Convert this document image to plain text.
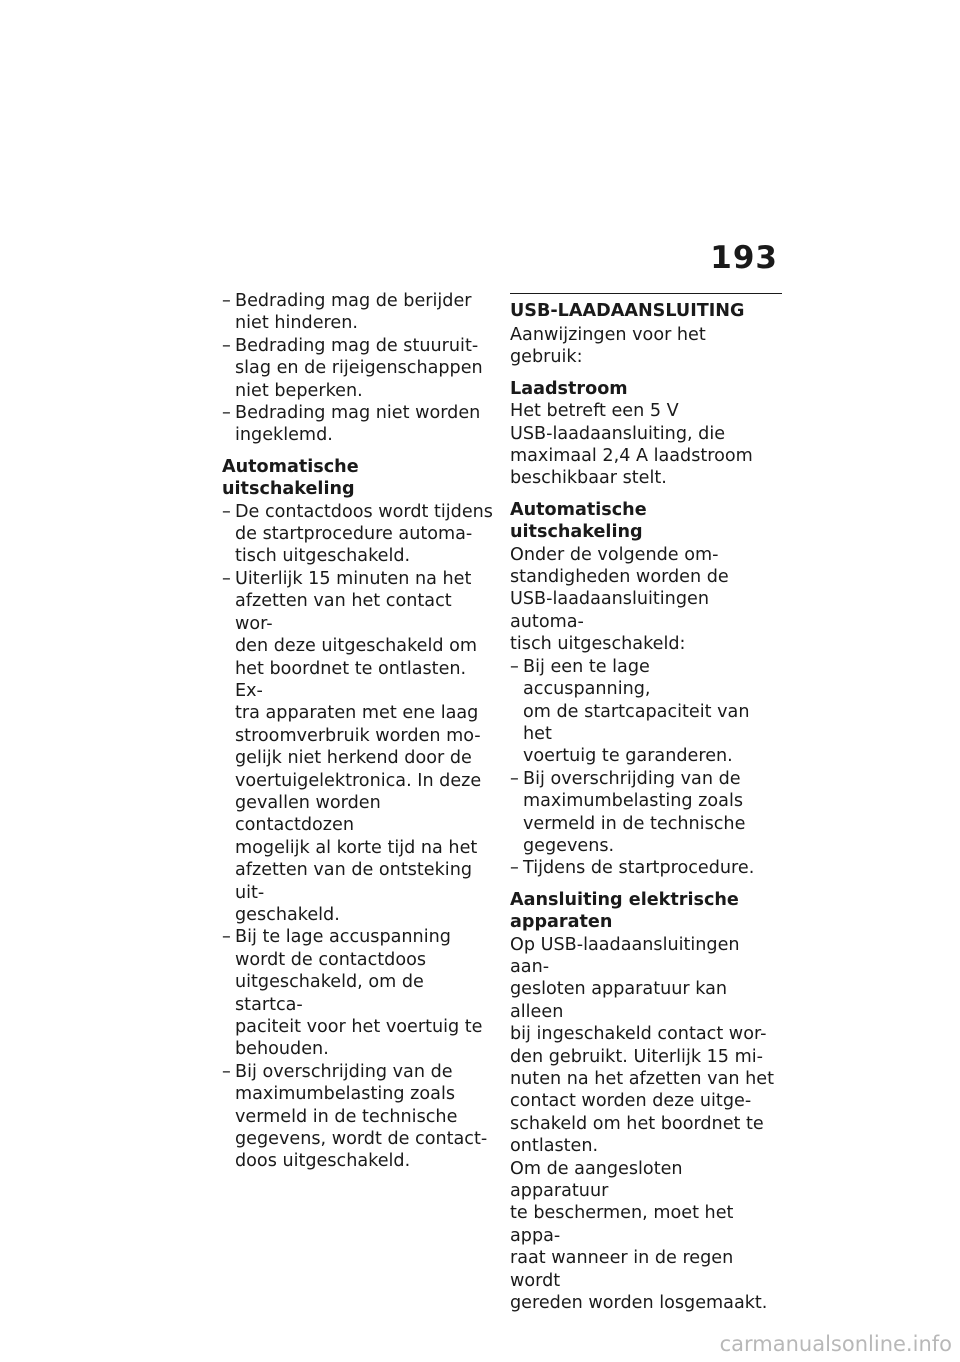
193
– Bedrading mag de berijder
niet hinderen.
– Bedrading mag de stuuruit-
slag en de rijeigenschappen
niet beperken.
– Bedrading mag niet worden
ingeklemd.
Automatische uitschakeling
– De contactdoos wordt tijdens
de startprocedure automa-
tisch uitgeschakeld.
– Uiterlijk 15 minuten na het
afzetten van het contact wor-
den deze uitgeschakeld om
het boordnet te ontlasten. Ex-
tra apparaten met ene laag
stroomverbruik worden mo-
gelijk niet herkend door de
voertuigelektronica. In deze
gevallen worden contactdozen
mogelijk al korte tijd na het
afzetten van de ontsteking uit-
geschakeld.
– Bij te lage accuspanning
wordt de contactdoos
uitgeschakeld, om de startca-
paciteit voor het voertuig te
behouden.
– Bij overschrijding van de
maximumbelasting zoals
vermeld in de technische
gegevens, wordt de contact-
doos uitgeschakeld.
USB-LAADAANSLUITING

Aanwijzingen voor het gebruik:

Laadstroom

Het betreft een 5 V
USB-laadaansluiting, die
maximaal 2,4 A laadstroom
beschikbaar stelt.

Automatische uitschakeling

Onder de volgende om-
standigheden worden de
USB-laadaansluitingen automa-
tisch uitgeschakeld:

– Bij een te lage accuspanning,
om de startcapaciteit van het
voertuig te garanderen.
– Bij overschrijding van de
maximumbelasting zoals
vermeld in de technische
gegevens.
– Tijdens de startprocedure.
Aansluiting elektrische
apparaten

Op USB-laadaansluitingen aan-
gesloten apparatuur kan alleen
bij ingeschakeld contact wor-
den gebruikt. Uiterlijk 15 mi-
nuten na het afzetten van het
contact worden deze uitge-
schakeld om het boordnet te
ontlasten.

Om de aangesloten apparatuur
te beschermen, moet het appa-
raat wanneer in de regen wordt
gereden worden losgemaakt.

carmanualsonline.info
